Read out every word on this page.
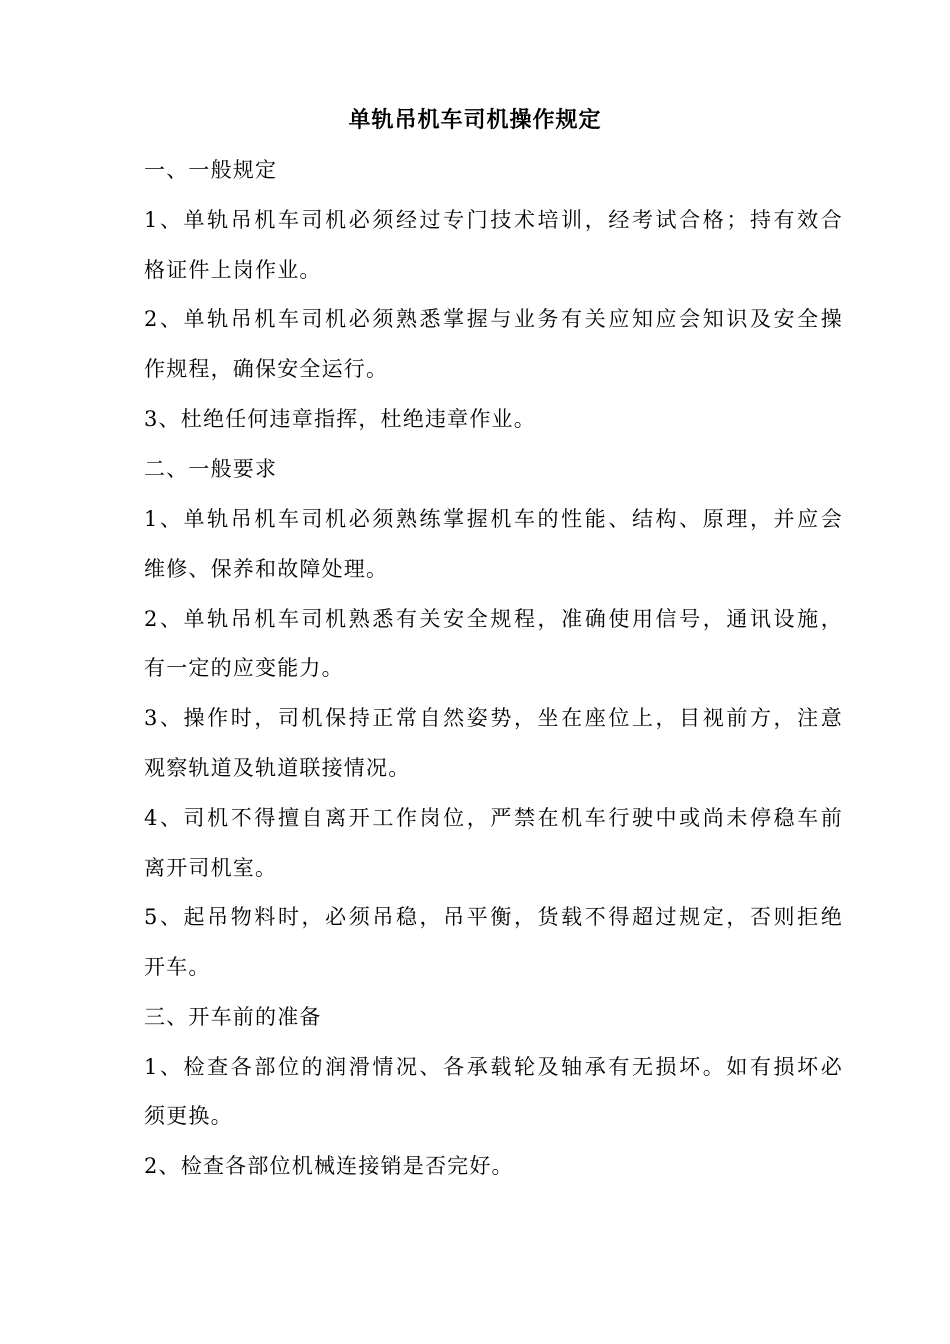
单轨吊机车司机操作规定
一、一般规定
1、单轨吊机车司机必须经过专门技术培训，经考试合格；持有效合
格证件上岗作业。
2、单轨吊机车司机必须熟悉掌握与业务有关应知应会知识及安全操
作规程，确保安全运行。
3、杜绝任何违章指挥，杜绝违章作业。
二、一般要求
1、单轨吊机车司机必须熟练掌握机车的性能、结构、原理，并应会
维修、保养和故障处理。
2、单轨吊机车司机熟悉有关安全规程，准确使用信号，通讯设施，
有一定的应变能力。
3、操作时，司机保持正常自然姿势，坐在座位上，目视前方，注意
观察轨道及轨道联接情况。
4、司机不得擅自离开工作岗位，严禁在机车行驶中或尚未停稳车前
离开司机室。
5、起吊物料时，必须吊稳，吊平衡，货载不得超过规定，否则拒绝
开车。
三、开车前的准备
1、检查各部位的润滑情况、各承载轮及轴承有无损坏。如有损坏必
须更换。
2、检查各部位机械连接销是否完好。
